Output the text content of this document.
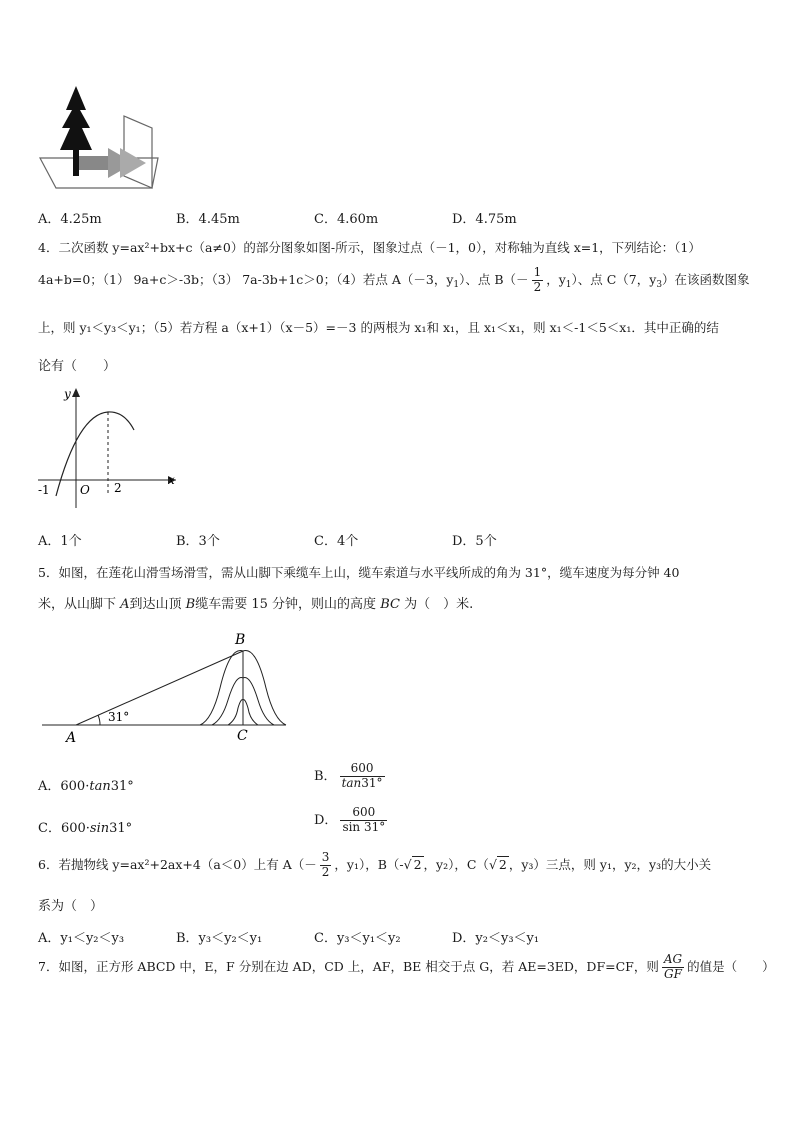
A．4.25m	B．4.45m	C．4.60m	D．4.75m
4．二次函数 y=ax²+bx+c（a≠0）的部分图象如图-所示，图象过点（－1，0），对称轴为直线 x=1，下列结论：（1）
4a+b=0；（1） 9a+c＞-3b；（3） 7a-3b+1c＞0；（4）若点 A（－3，$y_1$）、点 $B(- \frac{1}{2}$ ，$y_1$）、点 C（7，$y_3$）在该函数图象
上，则 y₁＜y₃＜y₁；（5）若方程 a（x+1）（x－5）=－3 的两根为 x₁和 x₁，且 x₁＜x₁，则 x₁＜-1＜5＜x₁．其中正确的结
论有（　　）
y
x
O
-1	2
A．1个	B．3个	C．4个	D．5个
5．如图，在莲花山滑雪场滑雪，需从山脚下乘缆车上山，缆车索道与水平线所成的角为 31°，缆车速度为每分钟 40
米，从山脚下 A到达山顶 B缆车需要 15 分钟，则山的高度 BC 为（　）米.
B
A	C
31°
A．600·tan31°
B． $\frac{600}{\tan 31^\circ}$
C．600·sin31°
D． $\frac{600}{\sin 31^\circ}$
6．若抛物线 y=ax²+2ax+4（a＜0）上有 $A(- \frac{3}{2}$ ，y₁），B（-√ 2 ，y₂），C（√ 2 ，y₃）三点，则 y₁，y₂，y₃的大小关
系为（　）
A．y₁＜y₂＜y₃	B．y₃＜y₂＜y₁	C．y₃＜y₁＜y₂	D．y₂＜y₃＜y₁
7．如图，正方形 ABCD 中，E，F 分别在边 AD，CD 上，AF，BE 相交于点 G，若 AE=3ED，DF=CF，则 $\frac{AG}{GF}$ 的值是（　　）
